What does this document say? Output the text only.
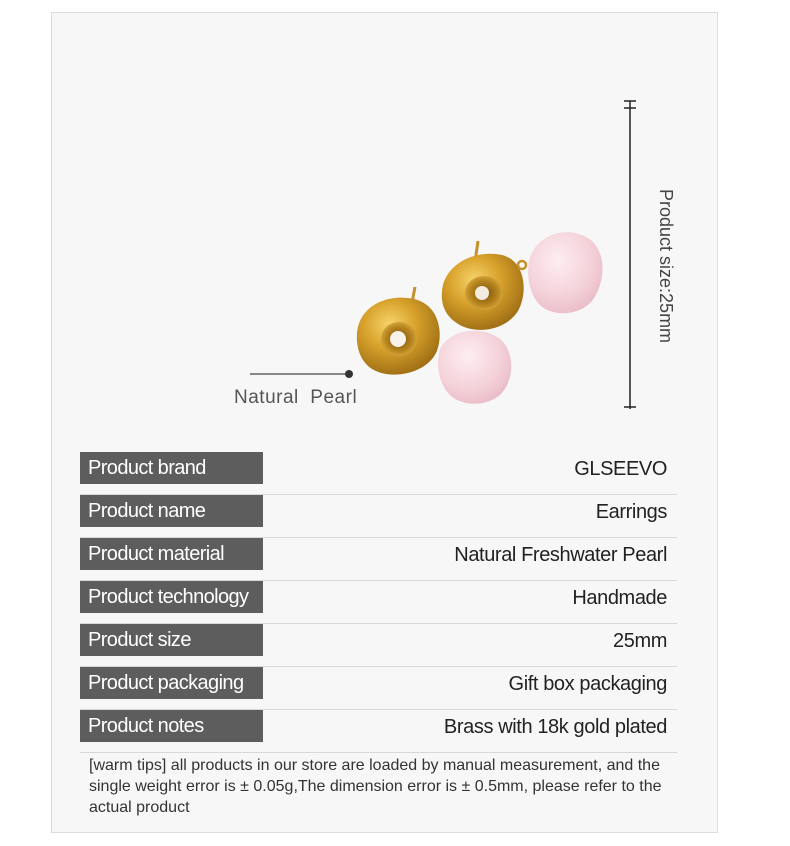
Natural  Pearl
Product size:25mm
Product brand	GLSEEVO
Product name	Earrings
Product material	Natural Freshwater Pearl
Product technology	Handmade
Product size	25mm
Product packaging	Gift box packaging
Product notes	Brass with 18k gold plated
[warm tips] all products in our store are loaded by manual measurement, and the single weight error is ± 0.05g,The dimension error is ± 0.5mm, please refer to the actual product
